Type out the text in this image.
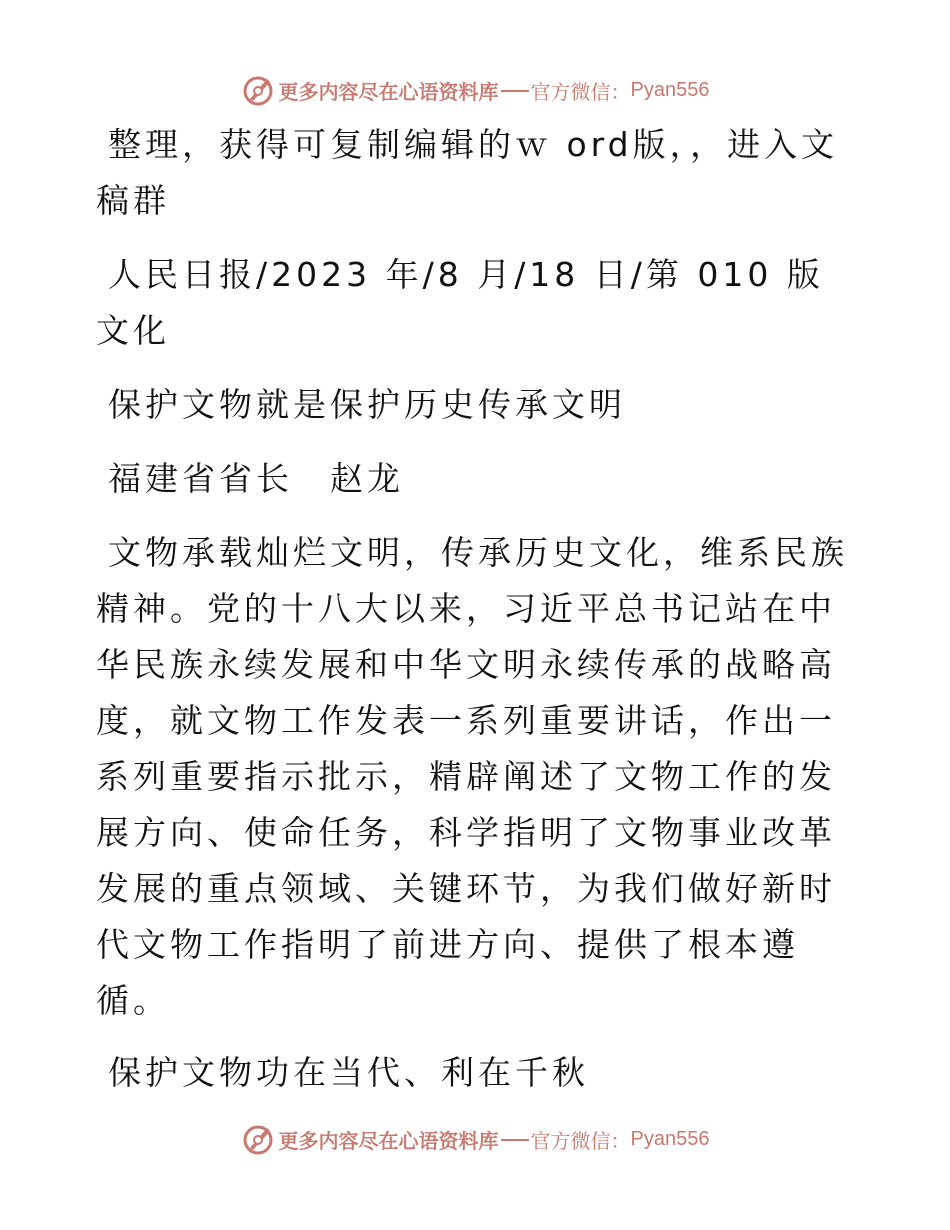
更多内容尽在心语资料库 官方微信： Pyan556

整理，获得可复制编辑的ｗ ord版，，进入文稿群

人民日报/2023 年/8 月/18 日/第 010 版文化

保护文物就是保护历史传承文明

福建省省长　赵龙

文物承载灿烂文明，传承历史文化，维系民族精神。党的十八大以来，习近平总书记站在中华民族永续发展和中华文明永续传承的战略高度，就文物工作发表一系列重要讲话，作出一系列重要指示批示，精辟阐述了文物工作的发展方向、使命任务，科学指明了文物事业改革发展的重点领域、关键环节，为我们做好新时代文物工作指明了前进方向、提供了根本遵循。

保护文物功在当代、利在千秋

更多内容尽在心语资料库 官方微信： Pyan556
